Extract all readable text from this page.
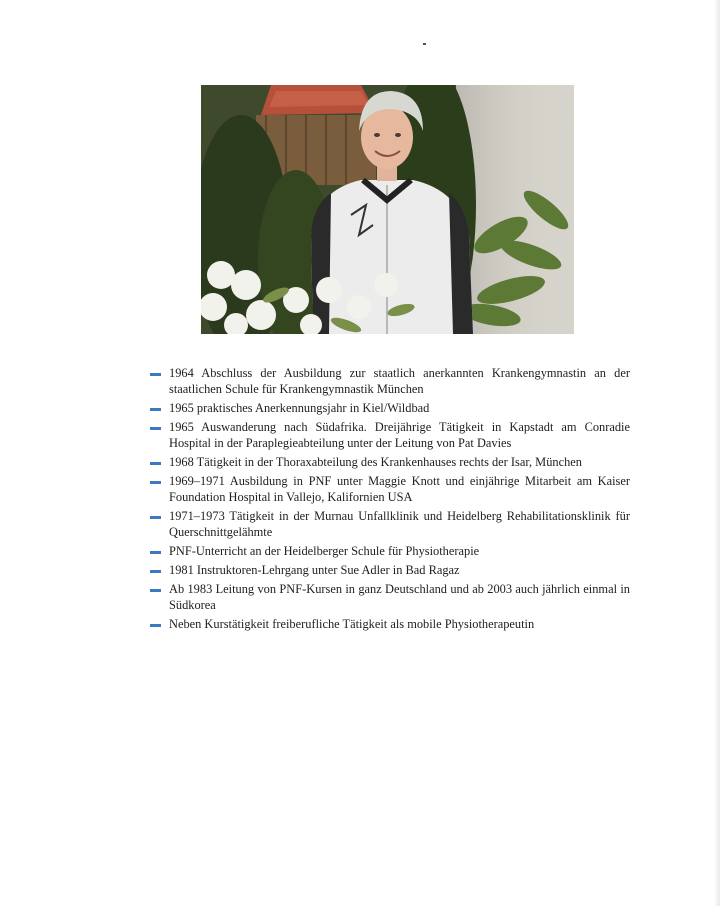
1964 Abschluss der Ausbildung zur staatlich anerkannten Krankengymnastin an der staatlichen Schule für Krankengymnastik München
1965 praktisches Anerkennungsjahr in Kiel/Wildbad
1965 Auswanderung nach Südafrika. Dreijährige Tätigkeit in Kapstadt am Conradie Hospital in der Paraplegieabteilung unter der Leitung von Pat Davies
1968 Tätigkeit in der Thoraxabteilung des Krankenhauses rechts der Isar, München
1969–1971 Ausbildung in PNF unter Maggie Knott und einjährige Mitarbeit am Kaiser Foundation Hospital in Vallejo, Kalifornien USA
1971–1973 Tätigkeit in der Murnau Unfallklinik und Heidelberg Rehabilitationsklinik für Querschnittgelähmte
PNF-Unterricht an der Heidelberger Schule für Physiotherapie
1981 Instruktoren-Lehrgang unter Sue Adler in Bad Ragaz
Ab 1983 Leitung von PNF-Kursen in ganz Deutschland und ab 2003 auch jährlich einmal in Südkorea
Neben Kurstätigkeit freiberufliche Tätigkeit als mobile Physiotherapeutin
